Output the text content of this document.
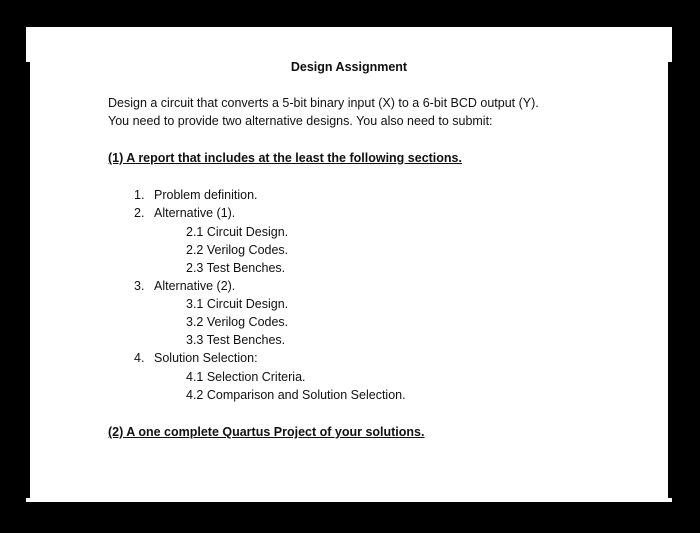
Design Assignment
Design a circuit that converts a 5-bit binary input (X) to a 6-bit BCD output (Y).
You need to provide two alternative designs. You also need to submit:
(1) A report that includes at the least the following sections.
1. Problem definition.
2. Alternative (1).
2.1 Circuit Design.
2.2 Verilog Codes.
2.3 Test Benches.
3. Alternative (2).
3.1 Circuit Design.
3.2 Verilog Codes.
3.3 Test Benches.
4. Solution Selection:
4.1 Selection Criteria.
4.2 Comparison and Solution Selection.
(2) A one complete Quartus Project of your solutions.
